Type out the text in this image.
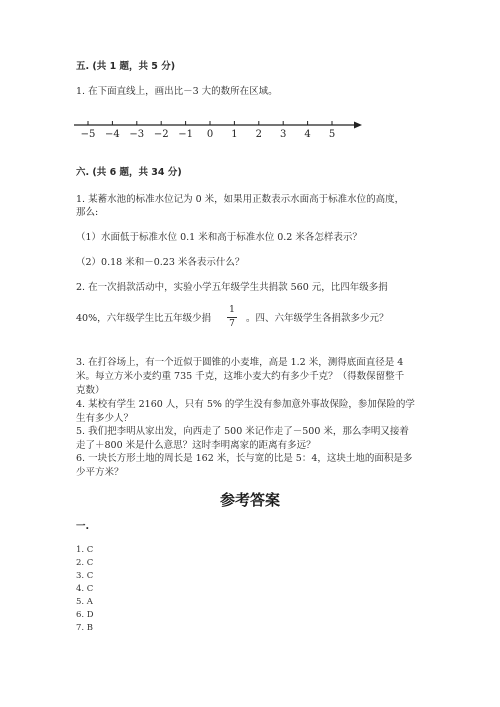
五. (共 1 题，共 5 分)
1. 在下面直线上，画出比－3 大的数所在区域。
−5 −4 −3 −2 −1 0 1 2 3 4 5
六. (共 6 题，共 34 分)
1. 某蓄水池的标准水位记为 0 米，如果用正数表示水面高于标准水位的高度，
那么:
（1）水面低于标准水位 0.1 米和高于标准水位 0.2 米各怎样表示？
（2）0.18 米和－0.23 米各表示什么？
2. 在一次捐款活动中，实验小学五年级学生共捐款 560 元，比四年级多捐
40%，六年级学生比五年级少捐
1
7 。四、六年级学生各捐款多少元？
3. 在打谷场上，有一个近似于圆锥的小麦堆，高是 1.2 米，测得底面直径是 4
米。每立方米小麦约重 735 千克，这堆小麦大约有多少千克？（得数保留整千
克数）
4. 某校有学生 2160 人，只有 5% 的学生没有参加意外事故保险，参加保险的学
生有多少人？
5. 我们把李明从家出发，向西走了 500 米记作走了－500 米，那么李明又接着
走了＋800 米是什么意思？这时李明离家的距离有多远？
6. 一块长方形土地的周长是 162 米，长与宽的比是 5：4，这块土地的面积是多
少平方米？
参考答案
一.
1. C
2. C
3. C
4. C
5. A
6. D
7. B
